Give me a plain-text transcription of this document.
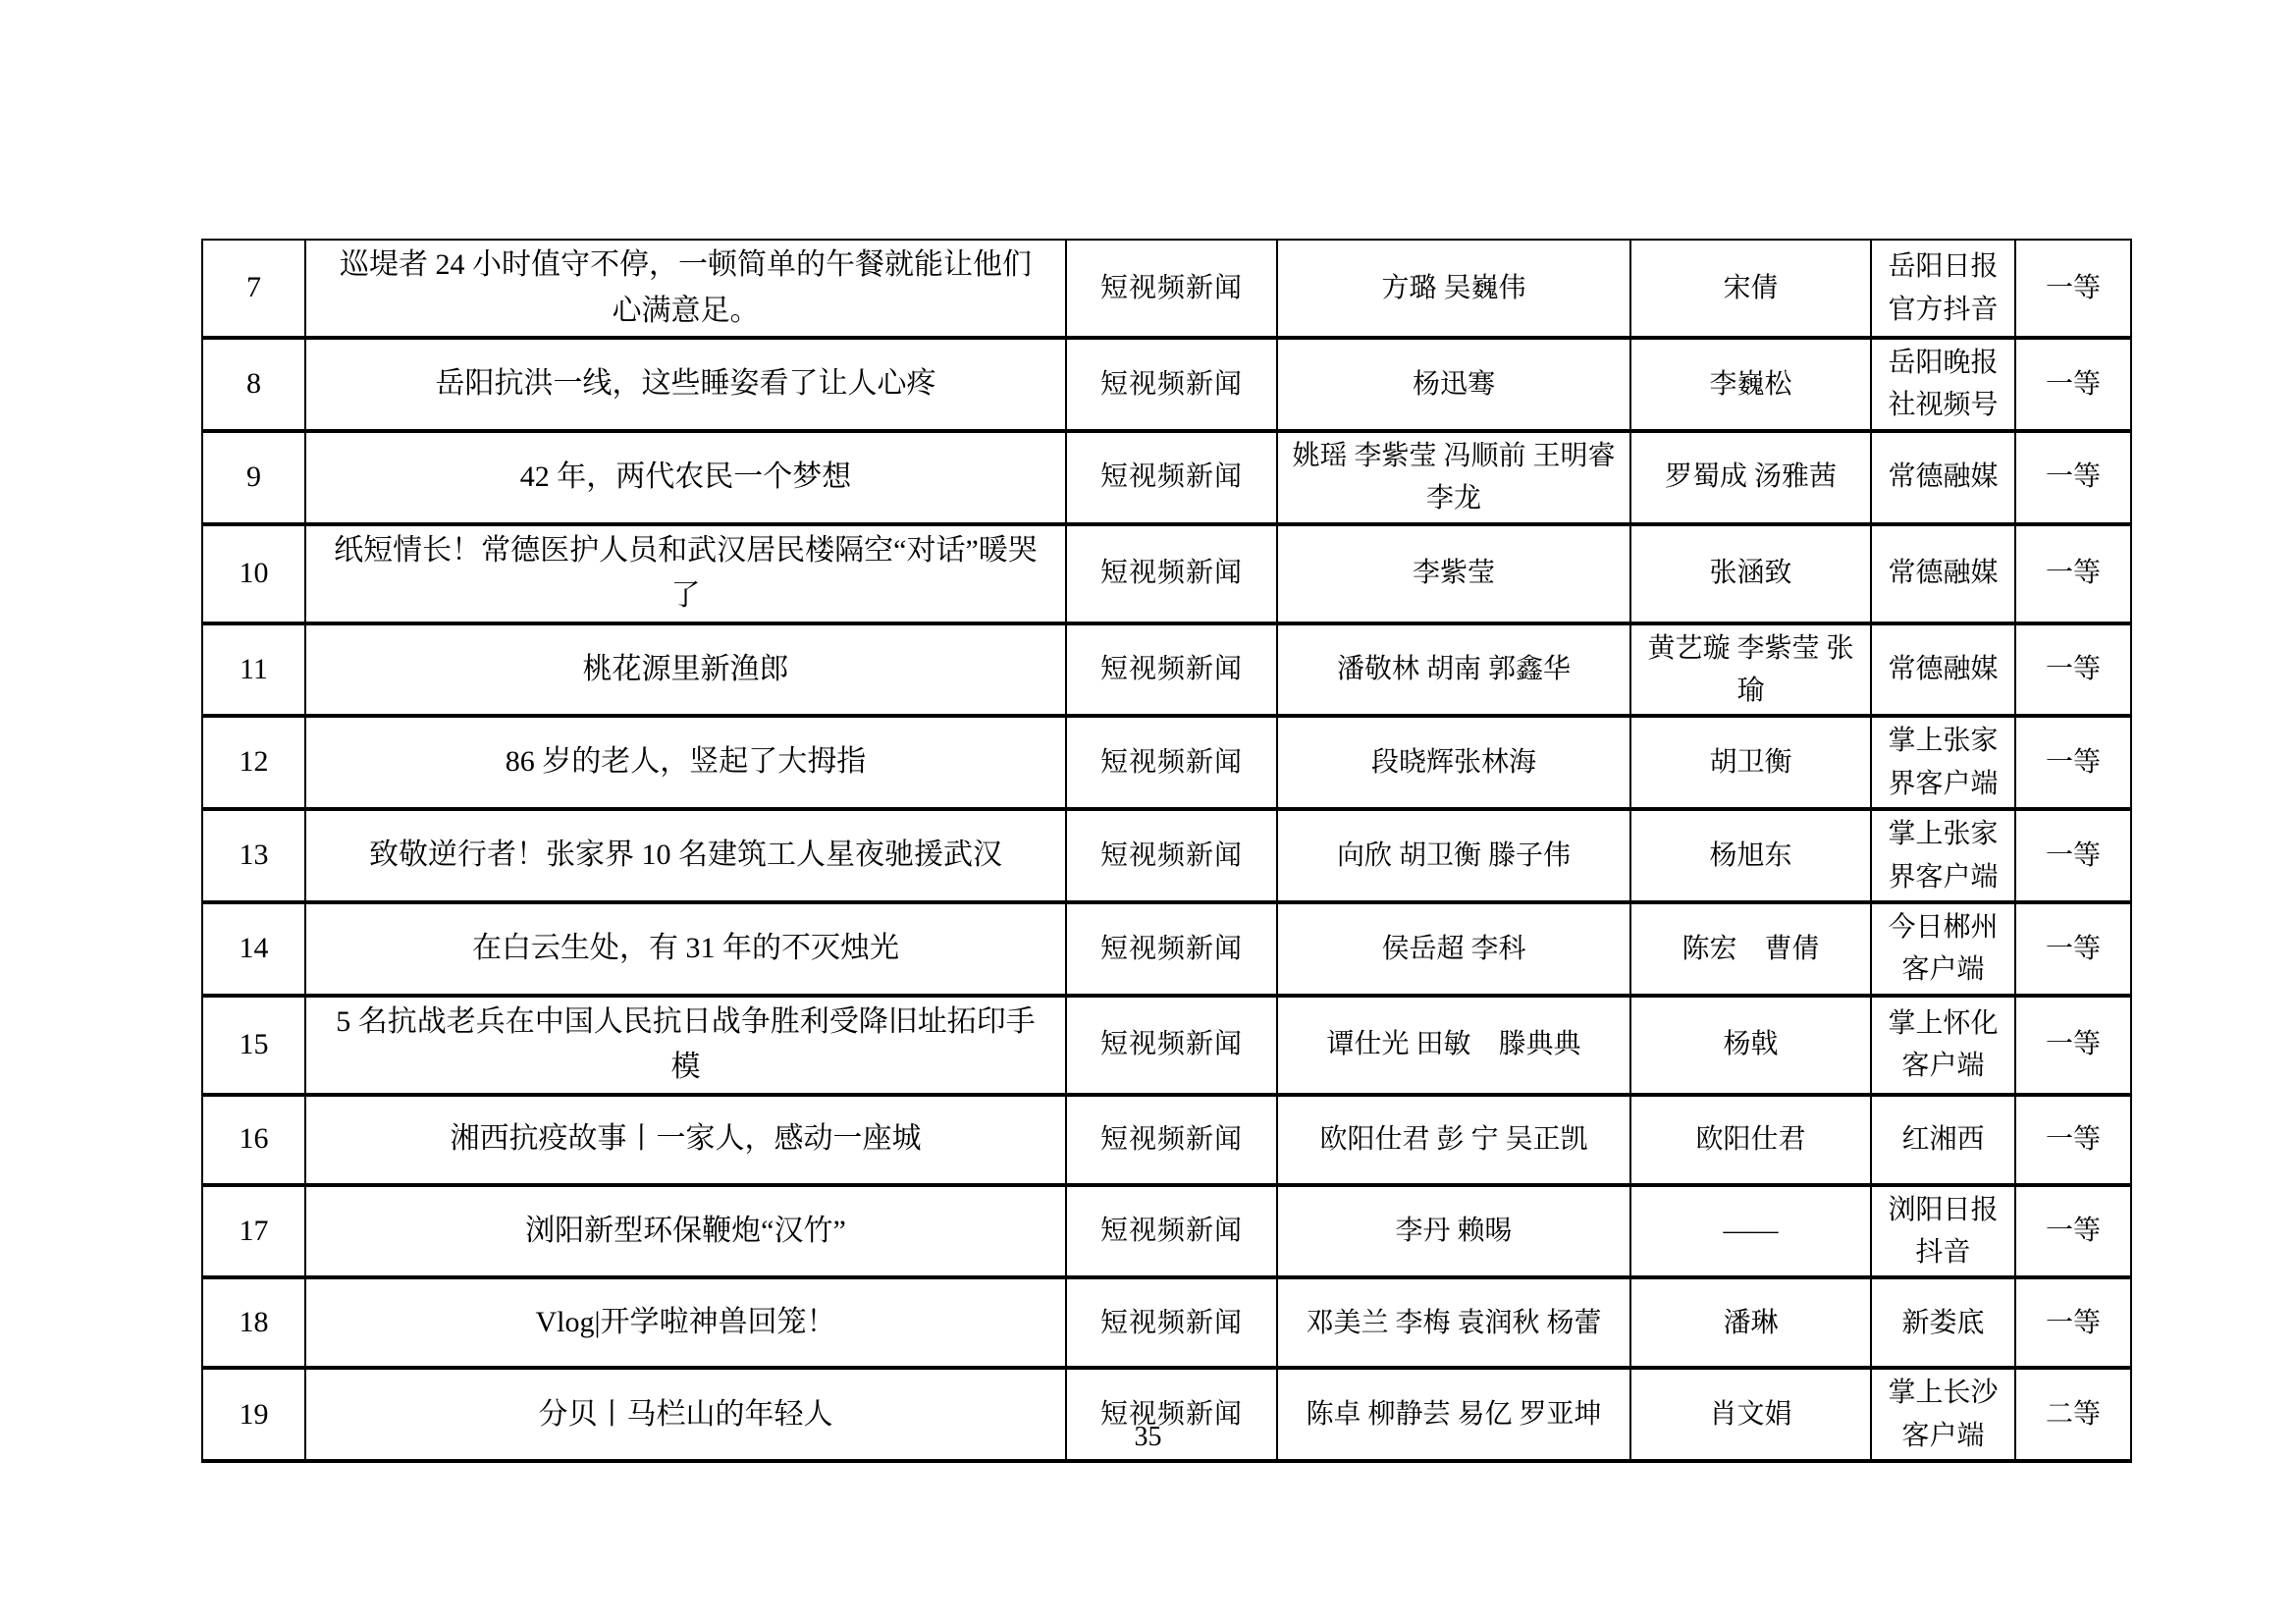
7	巡堤者 24 小时值守不停，一顿简单的午餐就能让他们心满意足。	短视频新闻	方璐 吴巍伟	宋倩	岳阳日报官方抖音	一等
8	岳阳抗洪一线，这些睡姿看了让人心疼	短视频新闻	杨迅骞	李巍松	岳阳晚报社视频号	一等
9	42 年，两代农民一个梦想	短视频新闻	姚瑶 李紫莹 冯顺前 王明睿 李龙	罗蜀成 汤雅茜	常德融媒	一等
10	纸短情长！常德医护人员和武汉居民楼隔空“对话”暖哭了	短视频新闻	李紫莹	张涵致	常德融媒	一等
11	桃花源里新渔郎	短视频新闻	潘敬林 胡南 郭鑫华	黄艺璇 李紫莹 张瑜	常德融媒	一等
12	86 岁的老人，竖起了大拇指	短视频新闻	段晓辉张林海	胡卫衡	掌上张家界客户端	一等
13	致敬逆行者！张家界 10 名建筑工人星夜驰援武汉	短视频新闻	向欣 胡卫衡 滕子伟	杨旭东	掌上张家界客户端	一等
14	在白云生处，有 31 年的不灭烛光	短视频新闻	侯岳超 李科	陈宏　曹倩	今日郴州客户端	一等
15	5 名抗战老兵在中国人民抗日战争胜利受降旧址拓印手模	短视频新闻	谭仕光 田敏　滕典典	杨戟	掌上怀化客户端	一等
16	湘西抗疫故事丨一家人，感动一座城	短视频新闻	欧阳仕君 彭 宁 吴正凯	欧阳仕君	红湘西	一等
17	浏阳新型环保鞭炮“汉竹”	短视频新闻	李丹 赖晹	——	浏阳日报抖音	一等
18	Vlog|开学啦神兽回笼！	短视频新闻	邓美兰 李梅 袁润秋 杨蕾	潘琳	新娄底	一等
19	分贝丨马栏山的年轻人	短视频新闻	陈卓 柳静芸 易亿 罗亚坤	肖文娟	掌上长沙客户端	二等
35
